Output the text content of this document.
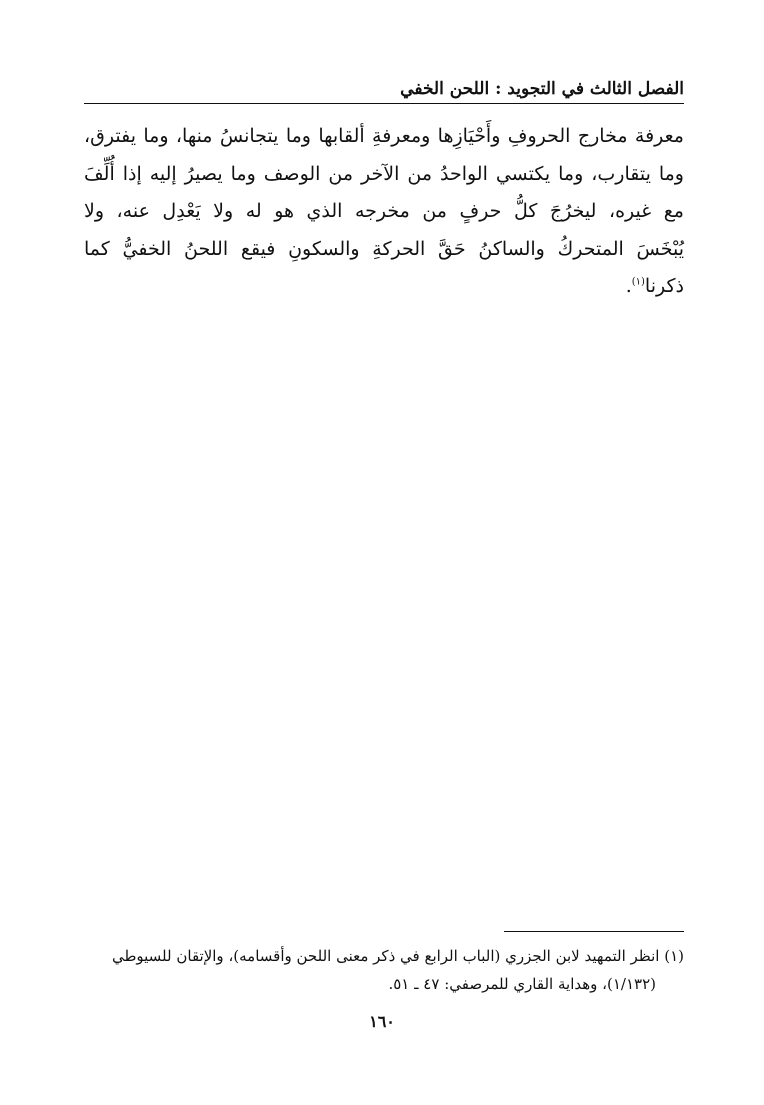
الفصل الثالث في التجويد : اللحن الخفي
معرفة مخارج الحروفِ وأَحْيَازِها ومعرفةِ ألقابها وما يتجانسُ منها، وما يفترق،
وما يتقارب، وما يكتسي الواحدُ من الآخر من الوصف وما يصيرُ إليه إذا أُلِّفَ
مع غيره، ليخرُجَ كلُّ حرفٍ من مخرجه الذي هو له ولا يَعْدِل عنه، ولا
يُبْخَسَ المتحركُ والساكنُ حَقَّ الحركةِ والسكونِ فيقع اللحنُ الخفيُّ كما
ذكرنا$^{(١)}$.
(١) انظر التمهيد لابن الجزري (الباب الرابع في ذكر معنى اللحن وأقسامه)، والإتقان للسيوطي
(١/١٣٢)، وهداية القاري للمرصفي: ٤٧ ـ ٥١.
١٦٠
